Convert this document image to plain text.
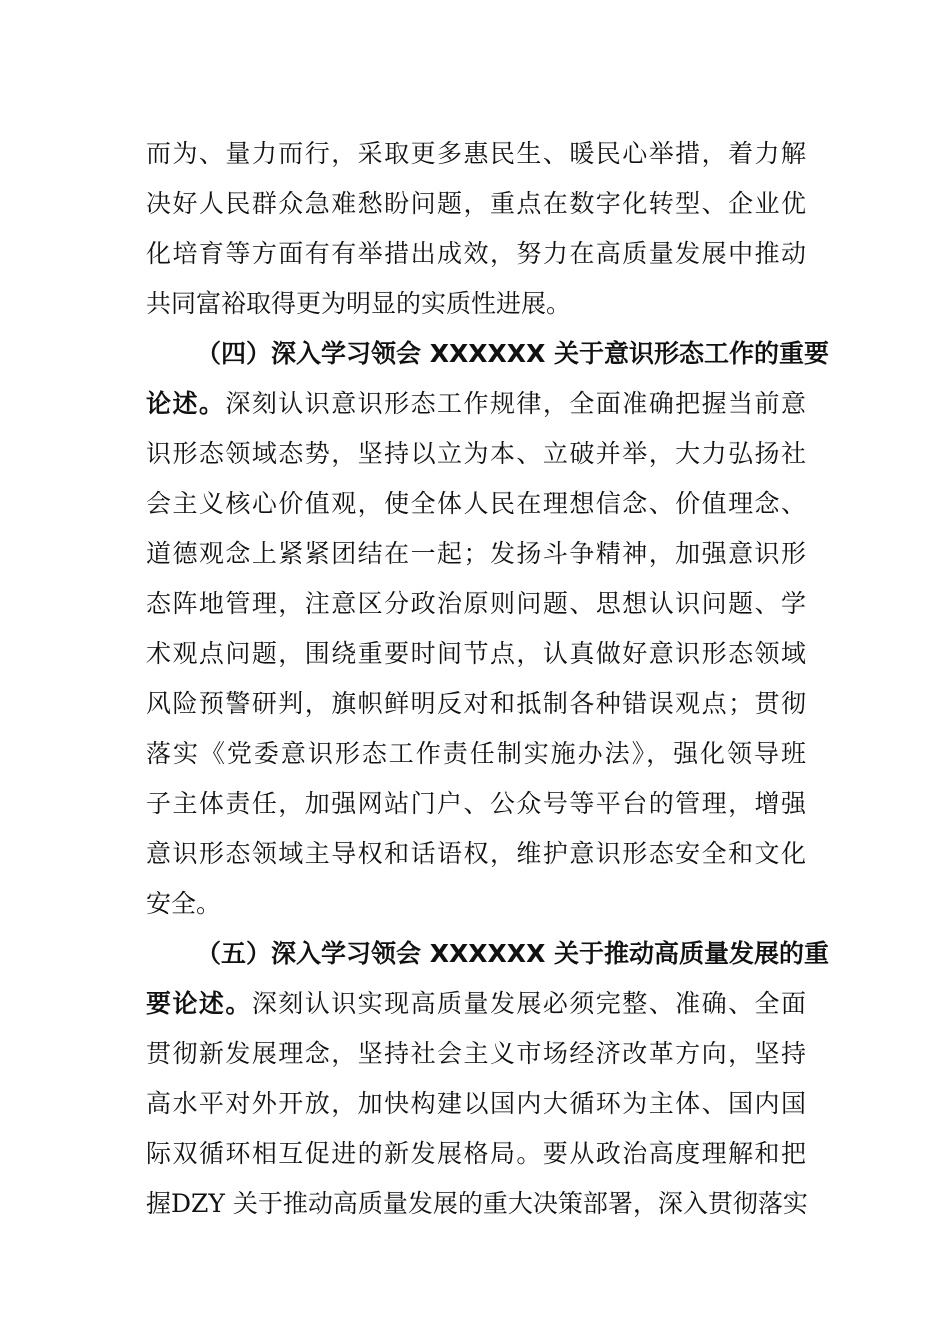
而为、量力而行，采取更多惠民生、暖民心举措，着力解
决好人民群众急难愁盼问题，重点在数字化转型、企业优
化培育等方面有有举措出成效，努力在高质量发展中推动
共同富裕取得更为明显的实质性进展。
（四）深入学习领会 XXXXXX 关于意识形态工作的重要
论述。深刻认识意识形态工作规律，全面准确把握当前意
识形态领域态势，坚持以立为本、立破并举，大力弘扬社
会主义核心价值观，使全体人民在理想信念、价值理念、
道德观念上紧紧团结在一起；发扬斗争精神，加强意识形
态阵地管理，注意区分政治原则问题、思想认识问题、学
术观点问题，围绕重要时间节点，认真做好意识形态领域
风险预警研判，旗帜鲜明反对和抵制各种错误观点；贯彻
落实《党委意识形态工作责任制实施办法》，强化领导班
子主体责任，加强网站门户、公众号等平台的管理，增强
意识形态领域主导权和话语权，维护意识形态安全和文化
安全。
（五）深入学习领会 XXXXXX 关于推动高质量发展的重
要论述。深刻认识实现高质量发展必须完整、准确、全面
贯彻新发展理念，坚持社会主义市场经济改革方向，坚持
高水平对外开放，加快构建以国内大循环为主体、国内国
际双循环相互促进的新发展格局。要从政治高度理解和把
握DZY 关于推动高质量发展的重大决策部署，深入贯彻落实
